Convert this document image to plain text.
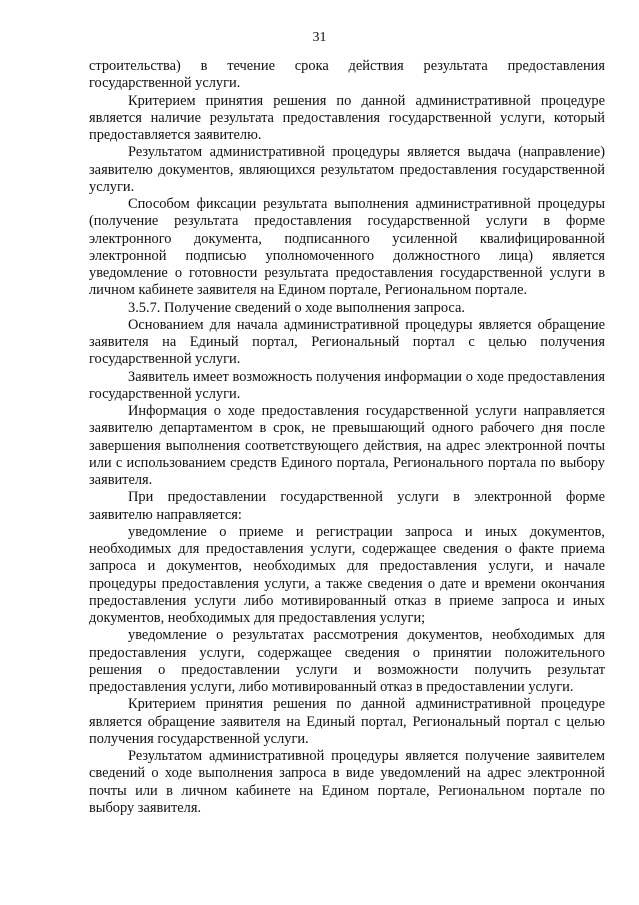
31

строительства) в течение срока действия результата предоставления государственной услуги.

Критерием принятия решения по данной административной процедуре является наличие результата предоставления государственной услуги, который предоставляется заявителю.

Результатом административной процедуры является выдача (направление) заявителю документов, являющихся результатом предоставления государственной услуги.

Способом фиксации результата выполнения административной процедуры (получение результата предоставления государственной услуги в форме электронного документа, подписанного усиленной квалифицированной электронной подписью уполномоченного должностного лица) является уведомление о готовности результата предоставления государственной услуги в личном кабинете заявителя на Едином портале, Региональном портале.

3.5.7. Получение сведений о ходе выполнения запроса.

Основанием для начала административной процедуры является обращение заявителя на Единый портал, Региональный портал с целью получения государственной услуги.

Заявитель имеет возможность получения информации о ходе предоставления государственной услуги.

Информация о ходе предоставления государственной услуги направляется заявителю департаментом в срок, не превышающий одного рабочего дня после завершения выполнения соответствующего действия, на адрес электронной почты или с использованием средств Единого портала, Регионального портала по выбору заявителя.

При предоставлении государственной услуги в электронной форме заявителю направляется:

уведомление о приеме и регистрации запроса и иных документов, необходимых для предоставления услуги, содержащее сведения о факте приема запроса и документов, необходимых для предоставления услуги, и начале процедуры предоставления услуги, а также сведения о дате и времени окончания предоставления услуги либо мотивированный отказ в приеме запроса и иных документов, необходимых для предоставления услуги;

уведомление о результатах рассмотрения документов, необходимых для предоставления услуги, содержащее сведения о принятии положительного решения о предоставлении услуги и возможности получить результат предоставления услуги, либо мотивированный отказ в предоставлении услуги.

Критерием принятия решения по данной административной процедуре является обращение заявителя на Единый портал, Региональный портал с целью получения государственной услуги.

Результатом административной процедуры является получение заявителем сведений о ходе выполнения запроса в виде уведомлений на адрес электронной почты или в личном кабинете на Едином портале, Региональном портале по выбору заявителя.
